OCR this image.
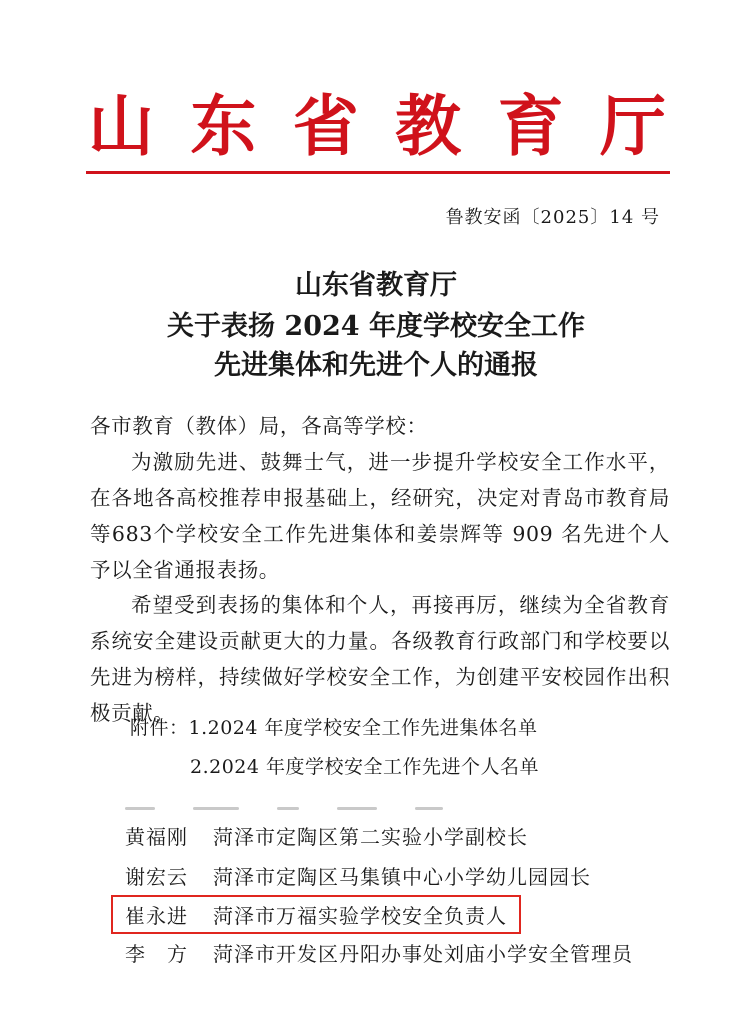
山 东 省 教 育 厅
鲁教安函〔2025〕14 号
山东省教育厅
关于表扬 2024 年度学校安全工作
先进集体和先进个人的通报
各市教育（教体）局，各高等学校：

为激励先进、鼓舞士气，进一步提升学校安全工作水平，在各地各高校推荐申报基础上，经研究，决定对青岛市教育局等683个学校安全工作先进集体和姜崇辉等 909 名先进个人予以全省通报表扬。

希望受到表扬的集体和个人，再接再厉，继续为全省教育系统安全建设贡献更大的力量。各级教育行政部门和学校要以先进为榜样，持续做好学校安全工作，为创建平安校园作出积极贡献。

附件：1.2024 年度学校安全工作先进集体名单
2.2024 年度学校安全工作先进个人名单
黄福刚	菏泽市定陶区第二实验小学副校长
谢宏云	菏泽市定陶区马集镇中心小学幼儿园园长
崔永进	菏泽市万福实验学校安全负责人
李　方	菏泽市开发区丹阳办事处刘庙小学安全管理员
